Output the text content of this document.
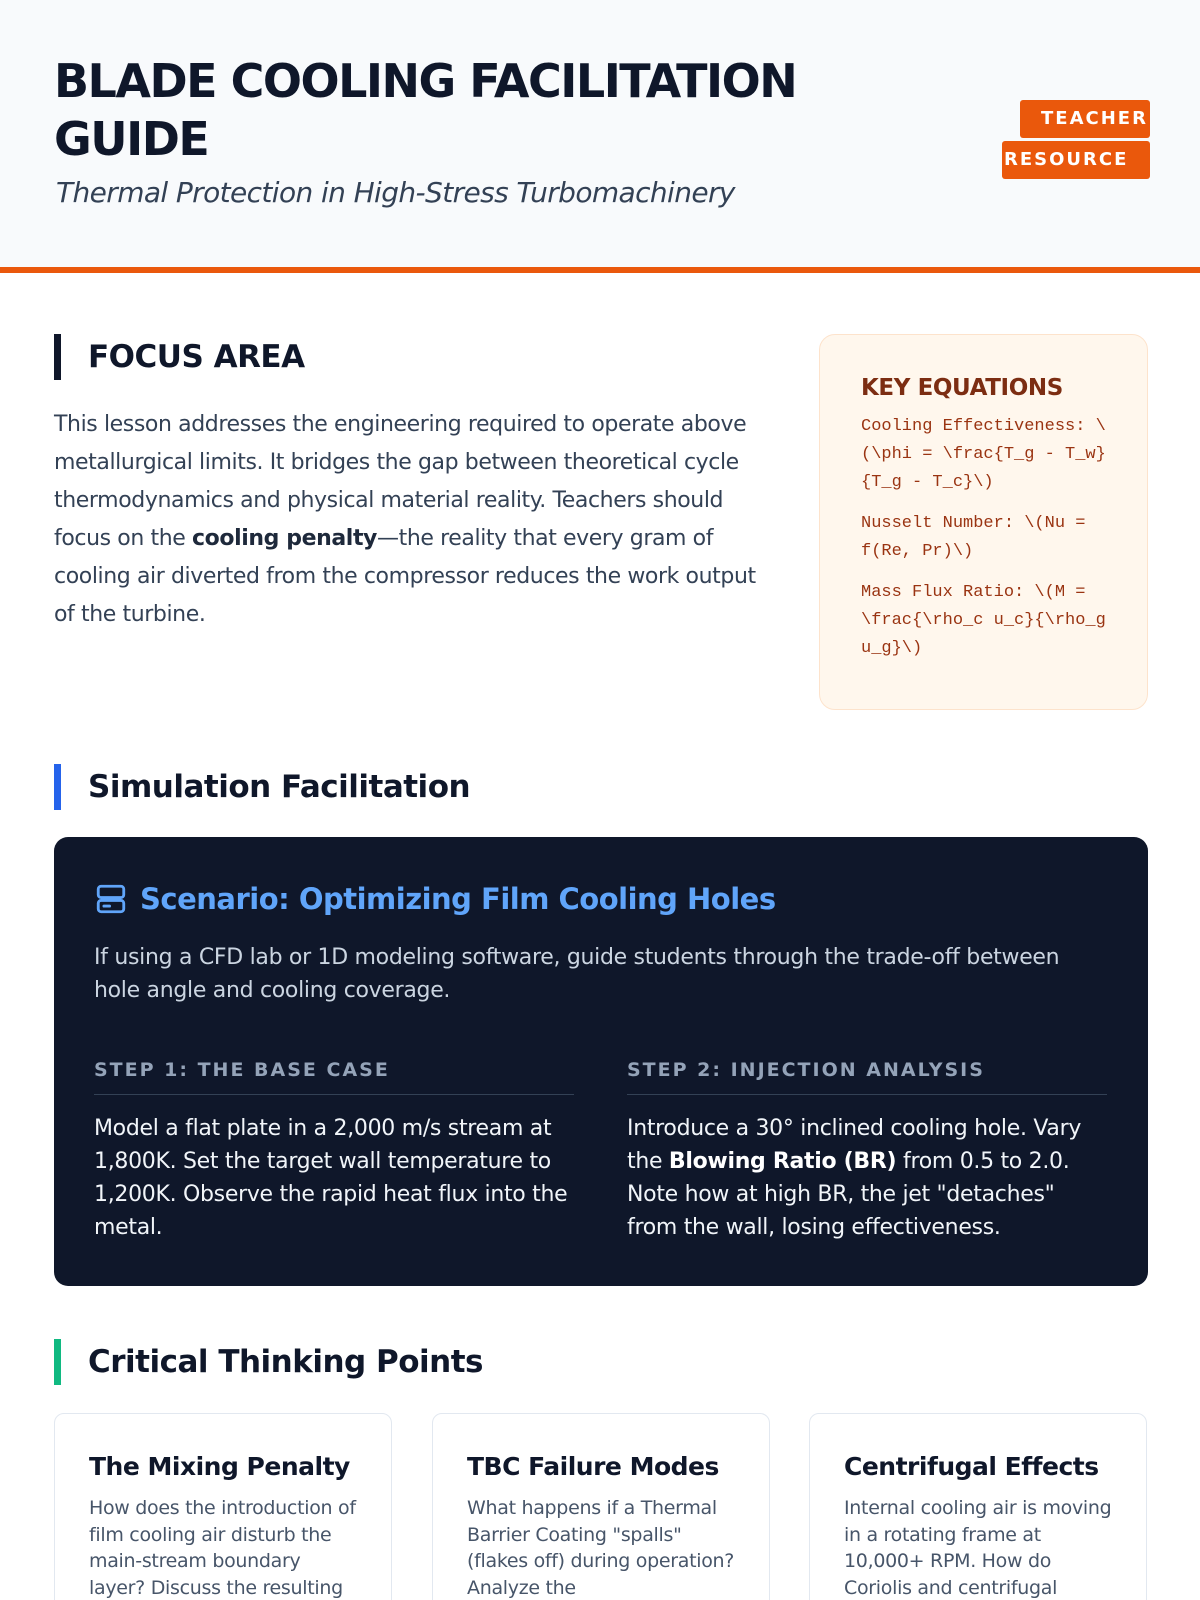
BLADE COOLING FACILITATION GUIDE
Thermal Protection in High-Stress Turbomachinery
TEACHER
RESOURCE
FOCUS AREA

This lesson addresses the engineering required to operate above metallurgical limits. It bridges the gap between theoretical cycle thermodynamics and physical material reality. Teachers should focus on the cooling penalty—the reality that every gram of cooling air diverted from the compressor reduces the work output of the turbine.

KEY EQUATIONS
Cooling Effectiveness: \(\phi = \frac{T_g - T_w}{T_g - T_c}\)
Nusselt Number: \(Nu = f(Re, Pr)\)
Mass Flux Ratio: \(M = \frac{\rho_c u_c}{\rho_g u_g}\)
Simulation Facilitation
Scenario: Optimizing Film Cooling Holes

If using a CFD lab or 1D modeling software, guide students through the trade-off between hole angle and cooling coverage.

STEP 1: THE BASE CASE

Model a flat plate in a 2,000 m/s stream at 1,800K. Set the target wall temperature to 1,200K. Observe the rapid heat flux into the metal.

STEP 2: INJECTION ANALYSIS

Introduce a 30° inclined cooling hole. Vary the Blowing Ratio (BR) from 0.5 to 2.0. Note how at high BR, the jet "detaches" from the wall, losing effectiveness.

Critical Thinking Points
The Mixing Penalty

How does the introduction of film cooling air disturb the main-stream boundary layer? Discuss the resulting

TBC Failure Modes

What happens if a Thermal Barrier Coating "spalls" (flakes off) during operation? Analyze the

Centrifugal Effects

Internal cooling air is moving in a rotating frame at 10,000+ RPM. How do Coriolis and centrifugal
